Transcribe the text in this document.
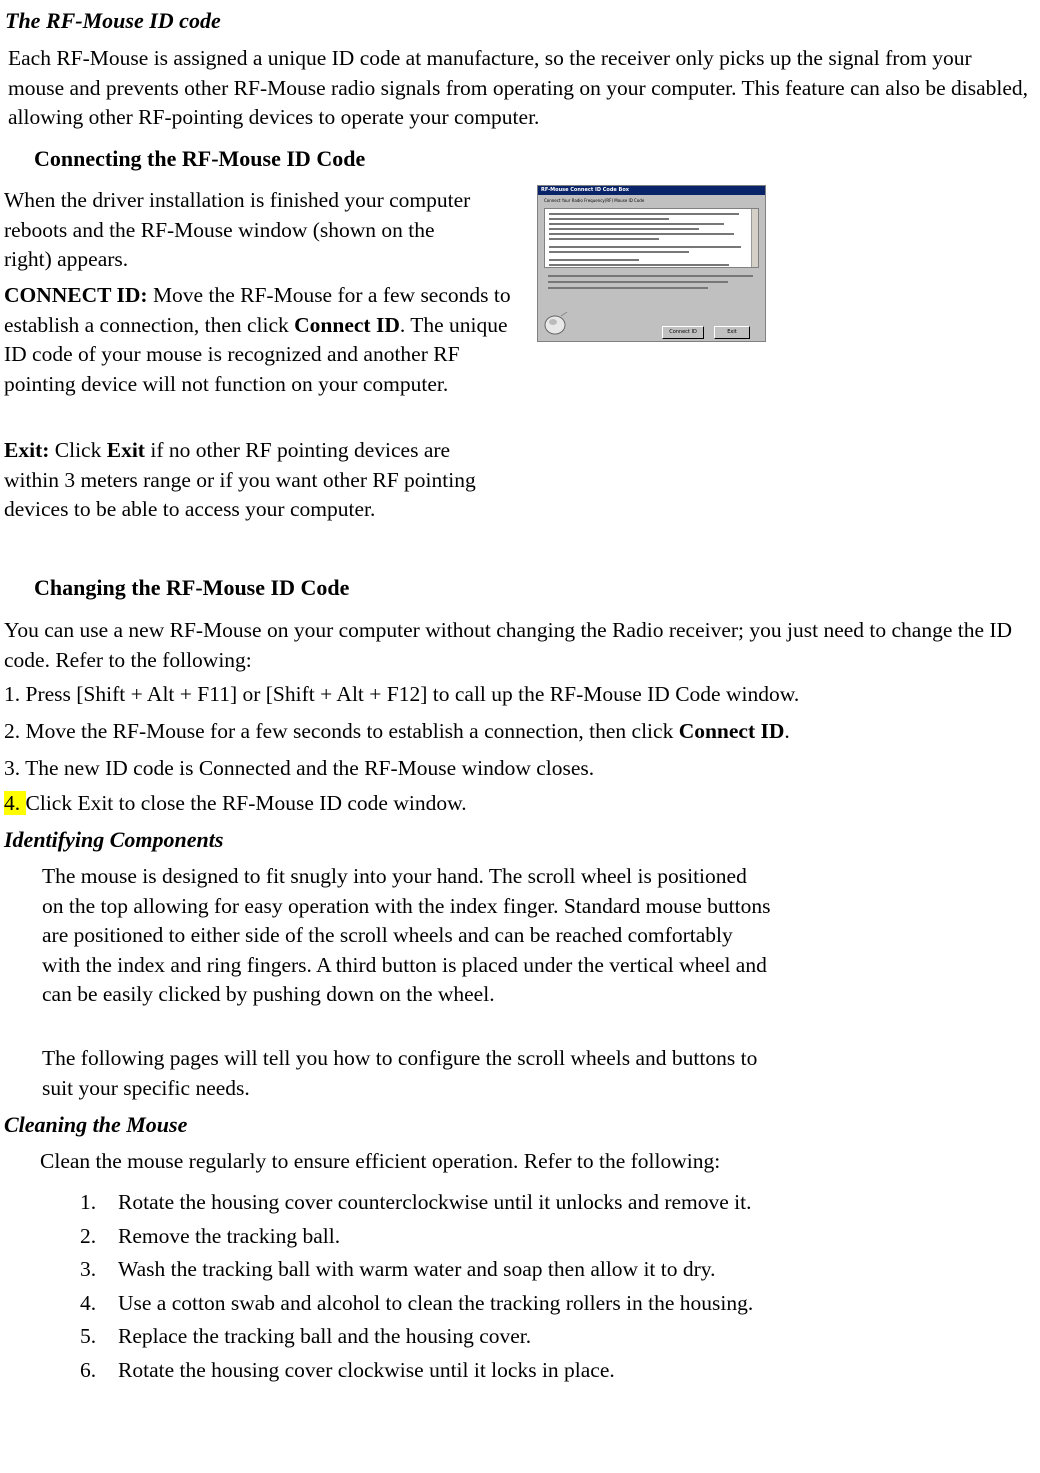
The RF-Mouse ID code

Each RF-Mouse is assigned a unique ID code at manufacture, so the receiver only picks up the signal from your mouse and prevents other RF-Mouse radio signals from operating on your computer. This feature can also be disabled, allowing other RF-pointing devices to operate your computer.

Connecting the RF-Mouse ID Code

When the driver installation is finished your computer reboots and the RF-Mouse window (shown on the right) appears.

CONNECT ID: Move the RF-Mouse for a few seconds to establish a connection, then click Connect ID. The unique ID code of your mouse is recognized and another RF pointing device will not function on your computer.

Exit: Click Exit if no other RF pointing devices are within 3 meters range or if you want other RF pointing devices to be able to access your computer.

RF-Mouse Connect ID Code Box
Connect Your Radio Frequency(RF) Mouse ID Code
Connect ID	Exit
Changing the RF-Mouse ID Code

You can use a new RF-Mouse on your computer without changing the Radio receiver; you just need to change the ID code. Refer to the following:

1. Press [Shift + Alt + F11] or [Shift + Alt + F12] to call up the RF-Mouse ID Code window.

2. Move the RF-Mouse for a few seconds to establish a connection, then click Connect ID.

3. The new ID code is Connected and the RF-Mouse window closes.

4. Click Exit to close the RF-Mouse ID code window.

Identifying Components

The mouse is designed to fit snugly into your hand. The scroll wheel is positioned on the top allowing for easy operation with the index finger. Standard mouse buttons are positioned to either side of the scroll wheels and can be reached comfortably with the index and ring fingers. A third button is placed under the vertical wheel and can be easily clicked by pushing down on the wheel.

The following pages will tell you how to configure the scroll wheels and buttons to suit your specific needs.

Cleaning the Mouse

Clean the mouse regularly to ensure efficient operation. Refer to the following:

1. Rotate the housing cover counterclockwise until it unlocks and remove it.
2. Remove the tracking ball.
3. Wash the tracking ball with warm water and soap then allow it to dry.
4. Use a cotton swab and alcohol to clean the tracking rollers in the housing.
5. Replace the tracking ball and the housing cover.
6. Rotate the housing cover clockwise until it locks in place.
